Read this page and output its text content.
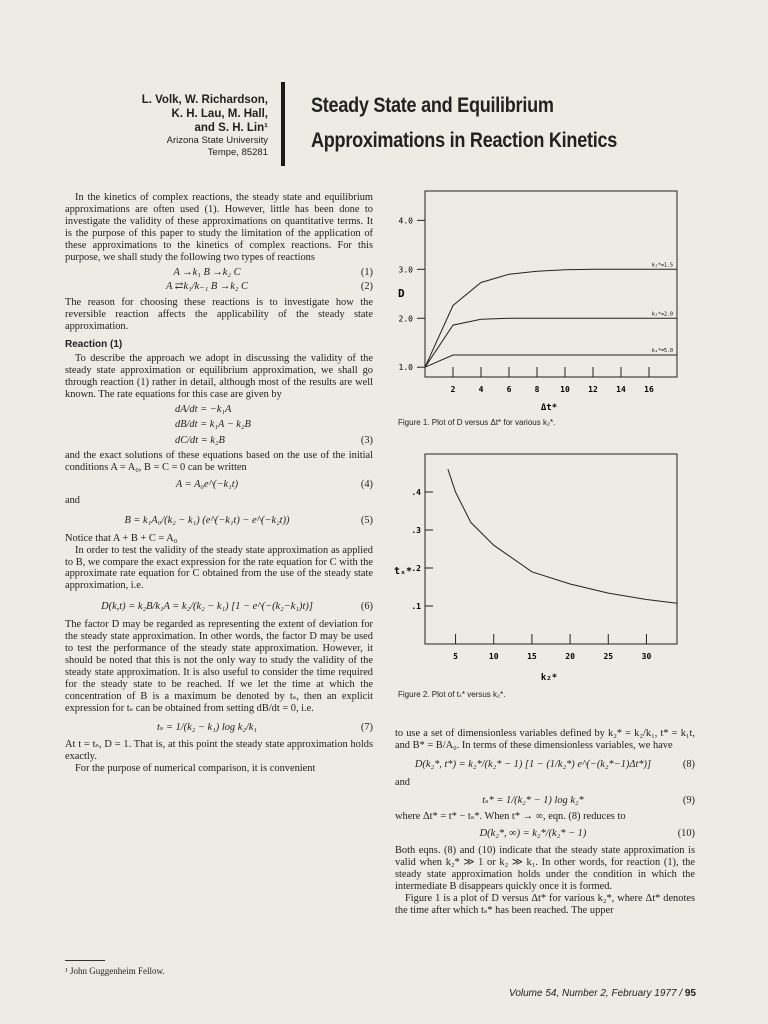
L. Volk, W. Richardson,
K. H. Lau, M. Hall,
and S. H. Lin¹
Arizona State University
Tempe, 85281
Steady State and Equilibrium
Approximations in Reaction Kinetics

In the kinetics of complex reactions, the steady state and equilibrium approximations are often used (1). However, little has been done to investigate the validity of these approximations on quantitative terms. It is the purpose of this paper to study the limitation of the application of these approximations to the kinetics of complex reactions. For this purpose, we shall study the following two types of reactions

A →k₁ B →k₂ C	(1)
A ⇄k₁/k₋₁ B →k₂ C	(2)

The reason for choosing these reactions is to investigate how the reversible reaction affects the applicability of the steady state approximation.

Reaction (1)

To describe the approach we adopt in discussing the validity of the steady state approximation or equilibrium approximation, we shall go through reaction (1) rather in detail, although most of the results are well known. The rate equations for this case are given by

dA/dt = −k₁A
dB/dt = k₁A − k₂B
dC/dt = k₂B	(3)

and the exact solutions of these equations based on the use of the initial conditions A = A₀, B = C = 0 can be written

A = A₀e^(−k₁t)	(4)

and

B = k₁A₀/(k₂ − k₁) (e^(−k₁t) − e^(−k₂t))	(5)

Notice that A + B + C = A₀

In order to test the validity of the steady state approximation as applied to B, we compare the exact expression for the rate equation for C with the approximate rate equation for C obtained from the use of the steady state approximation, i.e.

D(k,t) = k₂B/k₁A = k₂/(k₂ − k₁) [1 − e^(−(k₂−k₁)t)]	(6)

The factor D may be regarded as representing the extent of deviation for the steady state approximation. In other words, the factor D may be used to test the performance of the steady state approximation. However, it should be noted that this is not the only way to study the validity of the steady state approximation. It is also useful to consider the time required for the steady state to be reached. If we let the time at which the concentration of B is a maximum be denoted by tₛ, then an explicit expression for tₛ can be obtained from setting dB/dt = 0, i.e.

tₛ = 1/(k₂ − k₁) log k₂/k₁	(7)

At t = tₛ, D = 1. That is, at this point the steady state approximation holds exactly.

For the purpose of numerical comparison, it is convenient

¹ John Guggenheim Fellow.
1.0
2.0
3.0
4.0
2	4	6	8	10 12 14 16
k₂*=1.5
k₂*=2.0
k₂*=5.0
D
Δt*
Figure 1. Plot of D versus Δt* for various k₂*.
.1
.2
.3
.4
5	10	15	20	25	30
tₛ*
k₂*
Figure 2. Plot of tₛ* versus k₂*.

to use a set of dimensionless variables defined by k₂* = k₂/k₁, t* = k₁t, and B* = B/A₀. In terms of these dimensionless variables, we have

D(k₂*, t*) = k₂*/(k₂* − 1) [1 − (1/k₂*) e^(−(k₂*−1)Δt*)]	(8)

and

tₛ* = 1/(k₂* − 1) log k₂*	(9)

where Δt* = t* − tₛ*. When t* → ∞, eqn. (8) reduces to

D(k₂*, ∞) = k₂*/(k₂* − 1)	(10)

Both eqns. (8) and (10) indicate that the steady state approximation is valid when k₂* ≫ 1 or k₂ ≫ k₁. In other words, for reaction (1), the steady state approximation holds under the condition in which the intermediate B disappears quickly once it is formed.

Figure 1 is a plot of D versus Δt* for various k₂*, where Δt* denotes the time after which tₛ* has been reached. The upper

Volume 54, Number 2, February 1977 / 95
